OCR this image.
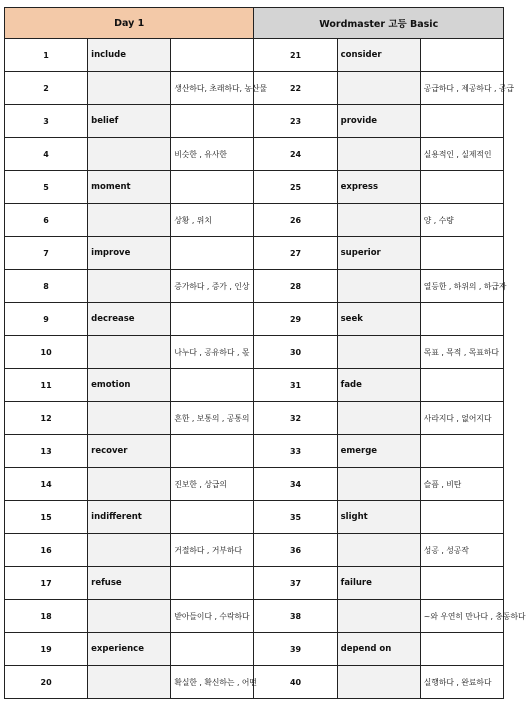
Day 1			Wordmaster 고등 Basic		
1	include		21	consider	
2		생산하다, 초래하다, 농산물	22		공급하다 , 제공하다 , 공급
3	belief		23	provide	
4		비슷한 , 유사한	24		실용적인 , 실제적인
5	moment		25	express	
6		상황 , 위치	26		양 , 수량
7	improve		27	superior	
8		증가하다 , 증가 , 인상	28		열등한 , 하위의 , 하급자
9	decrease		29	seek	
10		나누다 , 공유하다 , 몫	30		목표 , 목적 , 목표하다
11	emotion		31	fade	
12		흔한 , 보통의 , 공통의	32		사라지다 , 없어지다
13	recover		33	emerge	
14		진보한 , 상급의	34		슬픔 , 비탄
15	indifferent		35	slight	
16		거절하다 , 거부하다	36		성공 , 성공작
17	refuse		37	failure	
18		받아들이다 , 수락하다	38		~와 우연히 만나다 , 충동하다
19	experience		39	depend on	
20		확실한 , 확신하는 , 어떤	40		실행하다 , 완료하다
